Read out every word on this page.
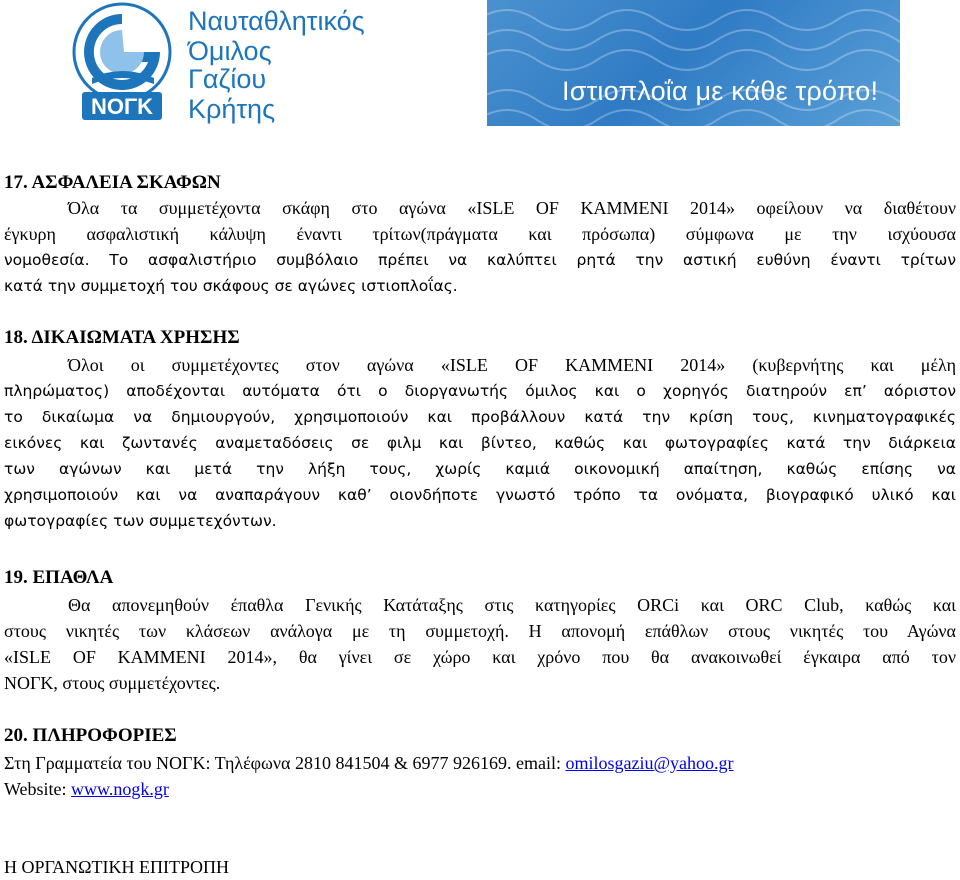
ΝΟΓΚ
Ναυταθλητικός
Όμιλος
Γαζίου
Κρήτης
Ιστιοπλοΐα με κάθε τρόπο!
17. ΑΣΦΑΛΕΙΑ ΣΚΑΦΩΝ
Όλα τα συμμετέχοντα σκάφη στο αγώνα «ISLE OF KAMMENI 2014» οφείλουν να διαθέτουν
έγκυρη ασφαλιστική κάλυψη έναντι τρίτων(πράγματα και πρόσωπα) σύμφωνα με την ισχύουσα
νομοθεσία. Το ασφαλιστήριο συμβόλαιο πρέπει να καλύπτει ρητά την αστική ευθύνη έναντι τρίτων
κατά την συμμετοχή του σκάφους σε αγώνες ιστιοπλοΐας.
18. ΔΙΚΑΙΩΜΑΤΑ ΧΡΗΣΗΣ
Όλοι οι συμμετέχοντες στον αγώνα «ISLE OF KAMMENI 2014» (κυβερνήτης και μέλη
πληρώματος) αποδέχονται αυτόματα ότι ο διοργανωτής όμιλος και ο χορηγός διατηρούν επ’ αόριστον
το δικαίωμα να δημιουργούν, χρησιμοποιούν και προβάλλουν κατά την κρίση τους, κινηματογραφικές
εικόνες και ζωντανές αναμεταδόσεις σε φιλμ και βίντεο, καθώς και φωτογραφίες κατά την διάρκεια
των αγώνων και μετά την λήξη τους, χωρίς καμιά οικονομική απαίτηση, καθώς επίσης να
χρησιμοποιούν και να αναπαράγουν καθ’ οιονδήποτε γνωστό τρόπο τα ονόματα, βιογραφικό υλικό και
φωτογραφίες των συμμετεχόντων.
19. ΕΠΑΘΛΑ
Θα απονεμηθούν έπαθλα Γενικής Κατάταξης στις κατηγορίες ORCi και ORC Club, καθώς και
στους νικητές των κλάσεων ανάλογα με τη συμμετοχή. Η απονομή επάθλων στους νικητές του Αγώνα
«ISLE OF KAMMENI 2014», θα γίνει σε χώρο και χρόνο που θα ανακοινωθεί έγκαιρα από τον
ΝΟΓΚ, στους συμμετέχοντες.
20. ΠΛΗΡΟΦΟΡΙΕΣ
Στη Γραμματεία του ΝΟΓΚ: Τηλέφωνα 2810 841504 & 6977 926169. email: omilosgaziu@yahoo.gr
Website: www.nogk.gr
Η ΟΡΓΑΝΩΤΙΚΗ ΕΠΙΤΡΟΠΗ
